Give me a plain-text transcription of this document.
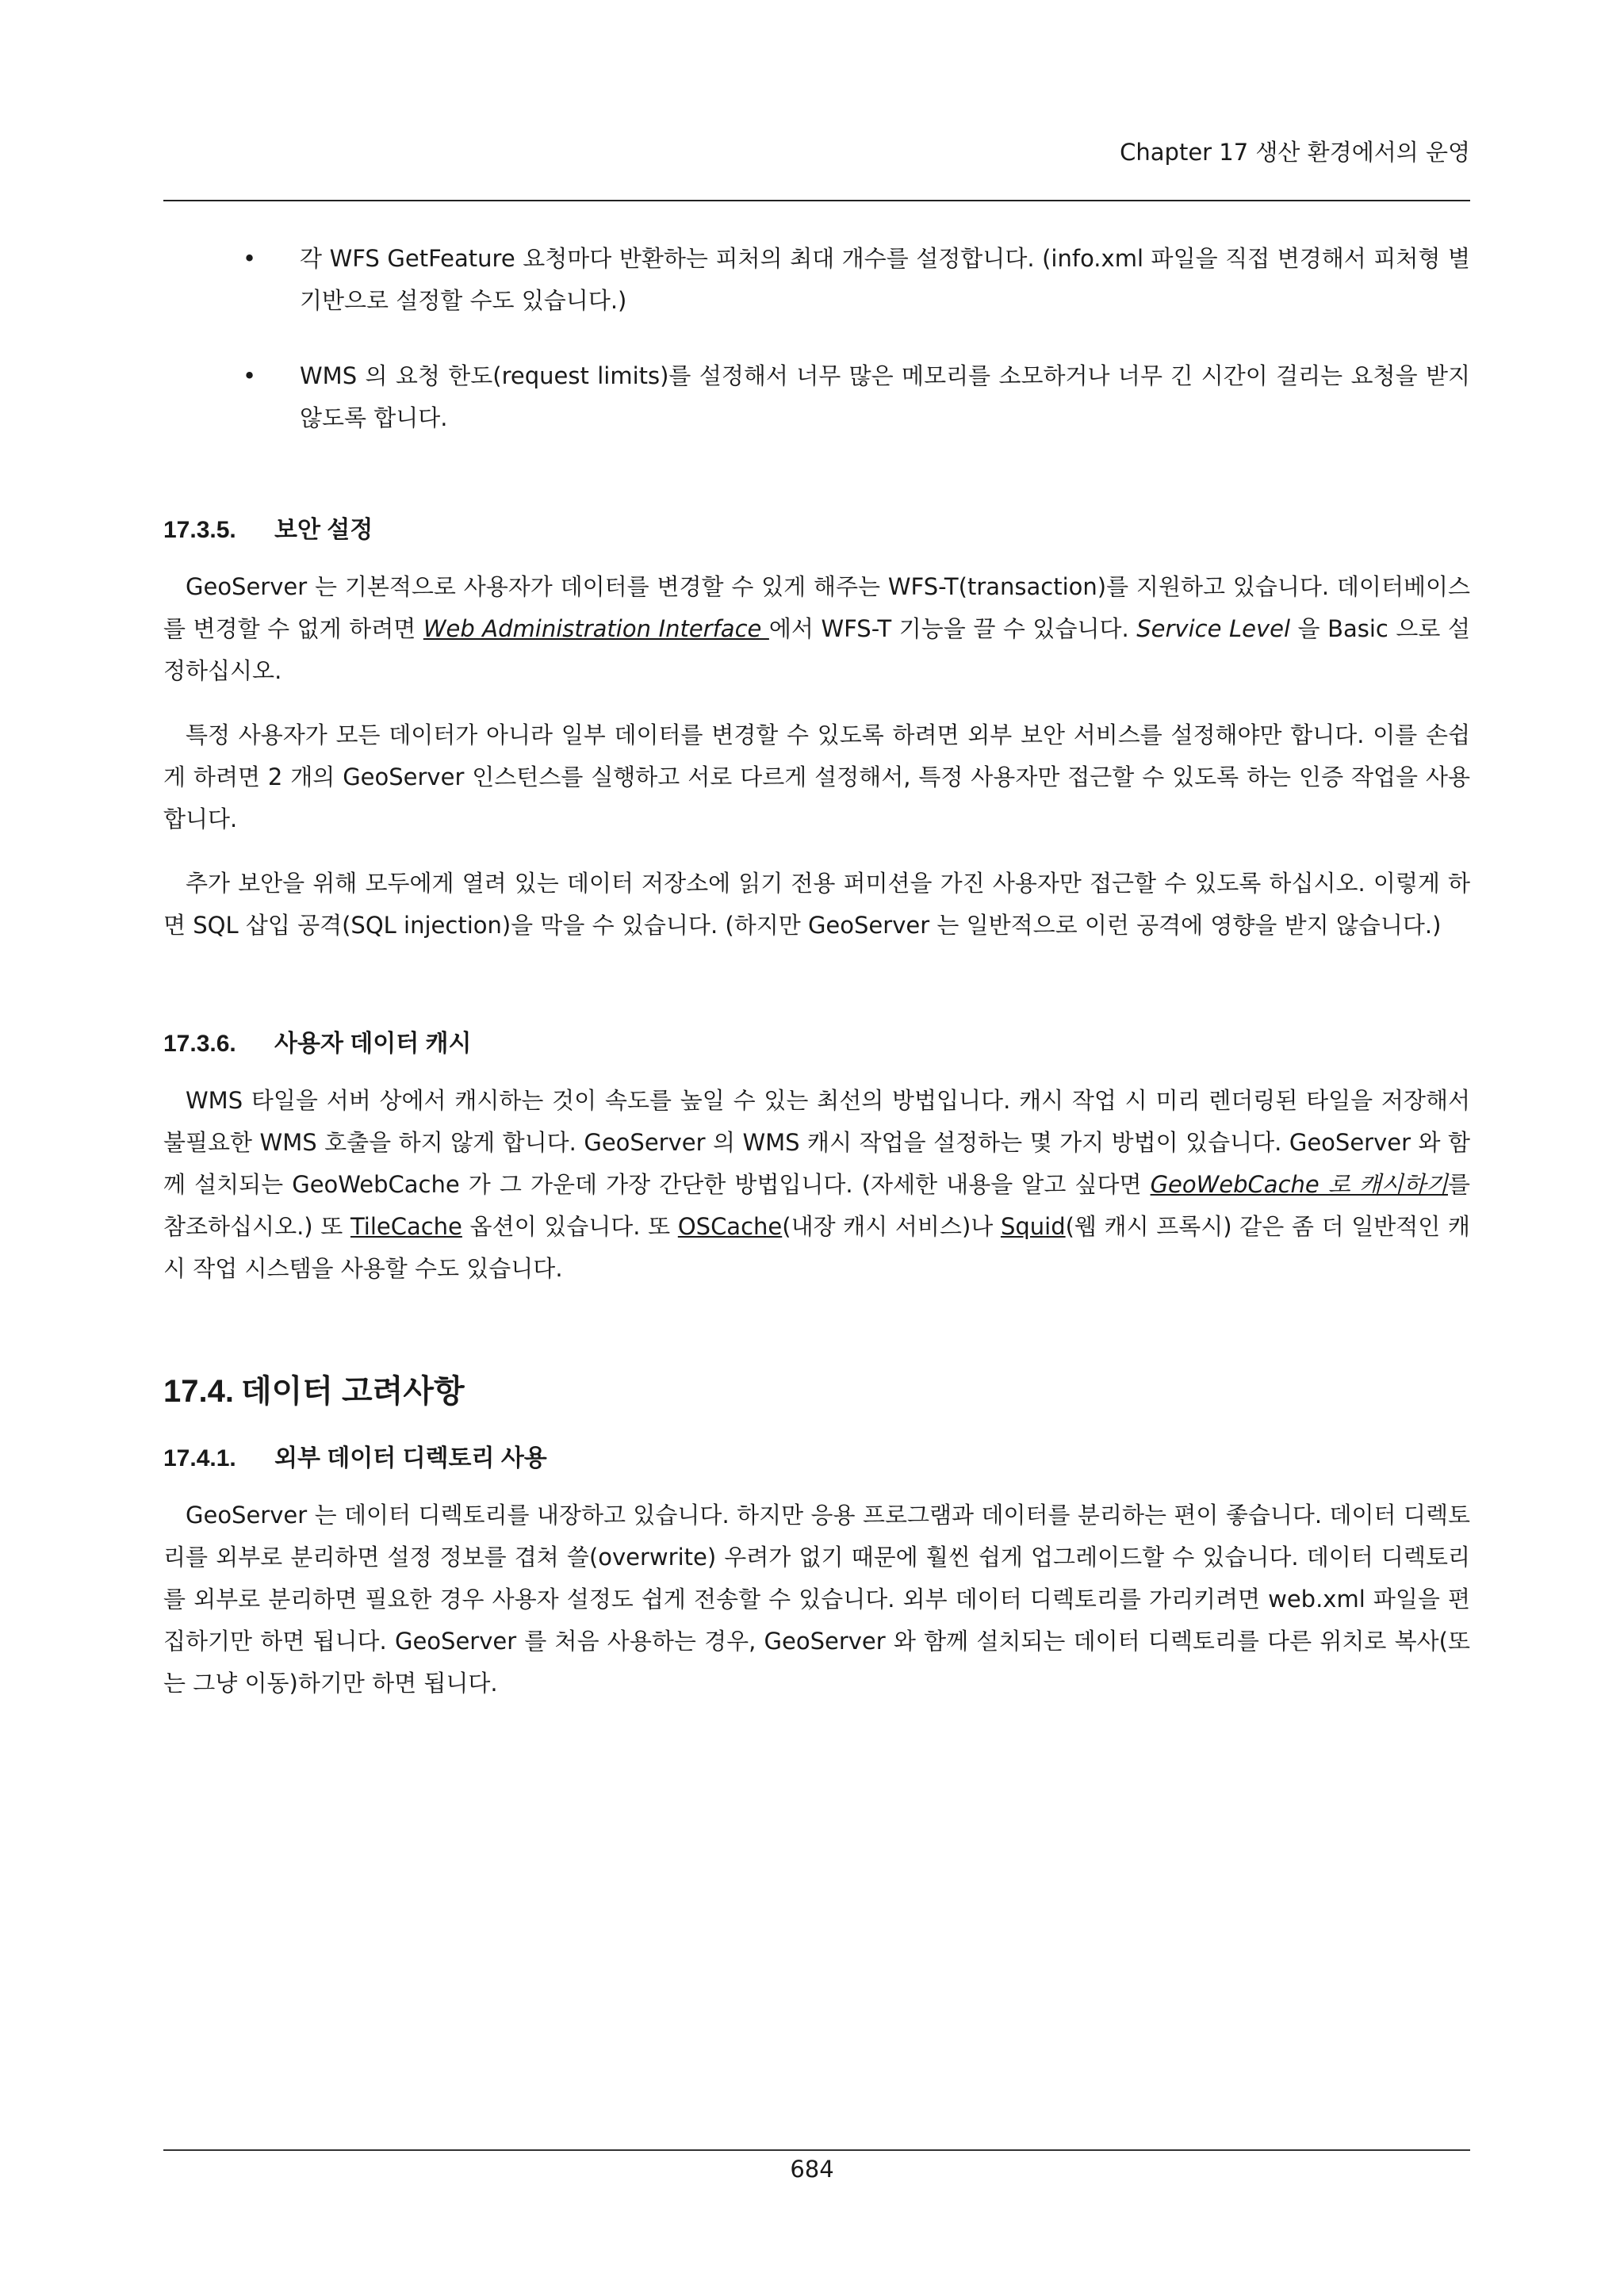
Chapter 17 생산 환경에서의 운영
• 각 WFS GetFeature 요청마다 반환하는 피처의 최대 개수를 설정합니다. (info.xml 파일을 직접 변경해서 피처형 별 기반으로 설정할 수도 있습니다.)
• WMS 의 요청 한도(request limits)를 설정해서 너무 많은 메모리를 소모하거나 너무 긴 시간이 걸리는 요청을 받지 않도록 합니다.
17.3.5. 보안 설정

GeoServer 는 기본적으로 사용자가 데이터를 변경할 수 있게 해주는 WFS-T(transaction)를 지원하고 있습니다. 데이터베이스를 변경할 수 없게 하려면 Web Administration Interface 에서 WFS-T 기능을 끌 수 있습니다. Service Level 을 Basic 으로 설정하십시오.

특정 사용자가 모든 데이터가 아니라 일부 데이터를 변경할 수 있도록 하려면 외부 보안 서비스를 설정해야만 합니다. 이를 손쉽게 하려면 2 개의 GeoServer 인스턴스를 실행하고 서로 다르게 설정해서, 특정 사용자만 접근할 수 있도록 하는 인증 작업을 사용합니다.

추가 보안을 위해 모두에게 열려 있는 데이터 저장소에 읽기 전용 퍼미션을 가진 사용자만 접근할 수 있도록 하십시오. 이렇게 하면 SQL 삽입 공격(SQL injection)을 막을 수 있습니다. (하지만 GeoServer 는 일반적으로 이런 공격에 영향을 받지 않습니다.)

17.3.6. 사용자 데이터 캐시

WMS 타일을 서버 상에서 캐시하는 것이 속도를 높일 수 있는 최선의 방법입니다. 캐시 작업 시 미리 렌더링된 타일을 저장해서 불필요한 WMS 호출을 하지 않게 합니다. GeoServer 의 WMS 캐시 작업을 설정하는 몇 가지 방법이 있습니다. GeoServer 와 함께 설치되는 GeoWebCache 가 그 가운데 가장 간단한 방법입니다. (자세한 내용을 알고 싶다면 GeoWebCache 로 캐시하기를 참조하십시오.) 또 TileCache 옵션이 있습니다. 또 OSCache(내장 캐시 서비스)나 Squid(웹 캐시 프록시) 같은 좀 더 일반적인 캐시 작업 시스템을 사용할 수도 있습니다.

17.4. 데이터 고려사항
17.4.1. 외부 데이터 디렉토리 사용

GeoServer 는 데이터 디렉토리를 내장하고 있습니다. 하지만 응용 프로그램과 데이터를 분리하는 편이 좋습니다. 데이터 디렉토리를 외부로 분리하면 설정 정보를 겹쳐 쓸(overwrite) 우려가 없기 때문에 훨씬 쉽게 업그레이드할 수 있습니다. 데이터 디렉토리를 외부로 분리하면 필요한 경우 사용자 설정도 쉽게 전송할 수 있습니다. 외부 데이터 디렉토리를 가리키려면 web.xml 파일을 편집하기만 하면 됩니다. GeoServer 를 처음 사용하는 경우, GeoServer 와 함께 설치되는 데이터 디렉토리를 다른 위치로 복사(또는 그냥 이동)하기만 하면 됩니다.

684
